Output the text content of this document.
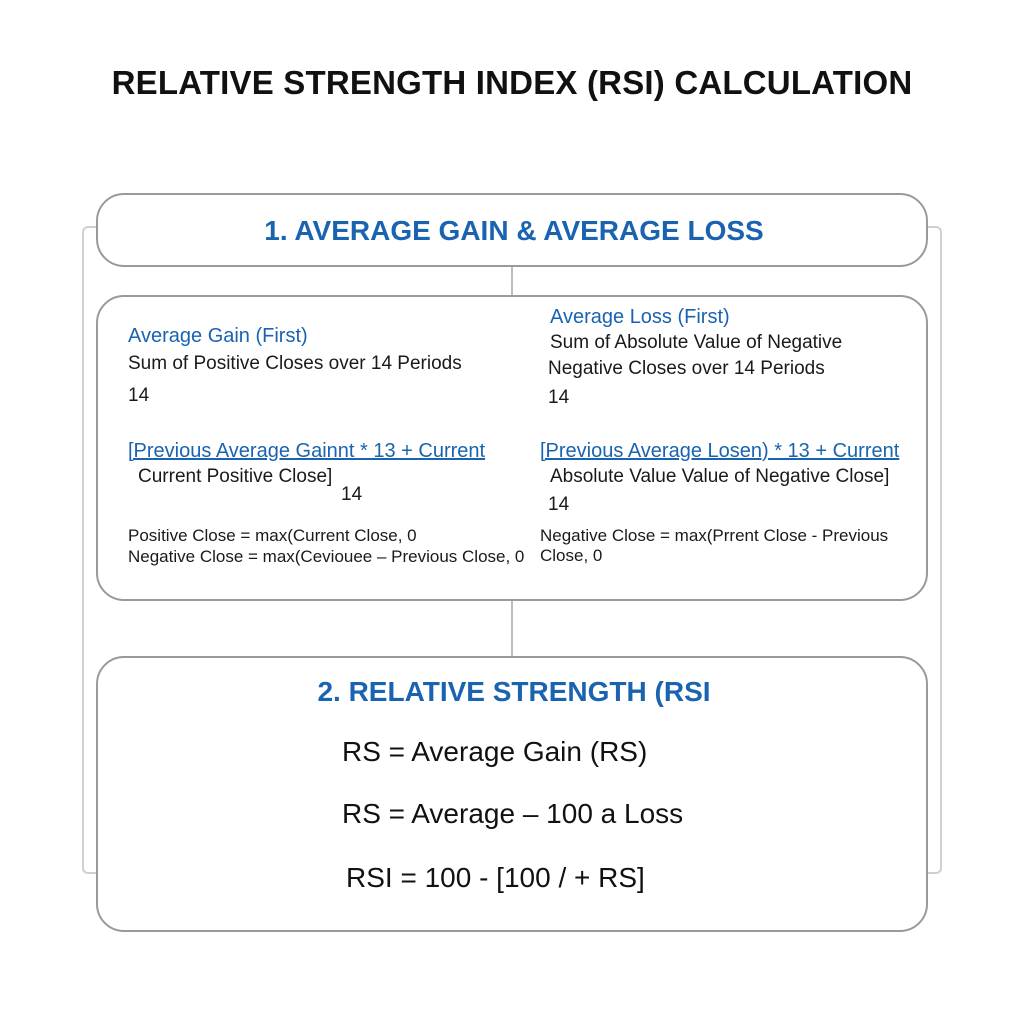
RELATIVE STRENGTH INDEX (RSI) CALCULATION
1. AVERAGE GAIN & AVERAGE LOSS
Average Gain (First)
Sum of Positive Closes over 14 Periods
14
[Previous Average Gainnt * 13 + Current
Current Positive Close]
14
Positive Close = max(Current Close, 0
Negative Close = max(Ceviouee – Previous Close, 0
Average Loss (First)
Sum of Absolute Value of Negative
Negative Closes over 14 Periods
14
[Previous Average Losen) * 13 + Current
Absolute Value Value of Negative Close]
14
Negative Close = max(Prrent Close - Previous Close, 0
2. RELATIVE STRENGTH (RSI
RS = Average Gain (RS)
RS = Average – 100 a Loss
RSI = 100 - [100 / + RS]
